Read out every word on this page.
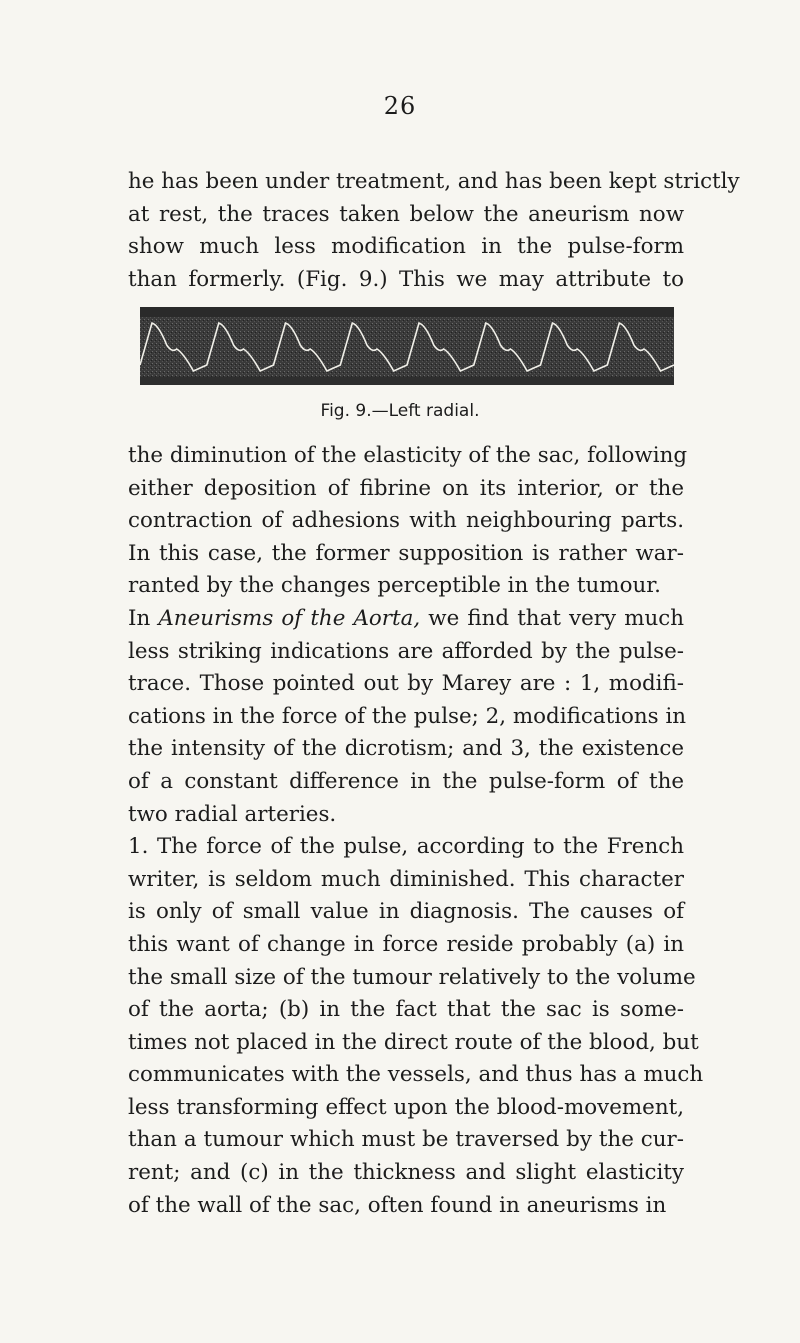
26
he has been under treatment, and has been kept strictly
at rest, the traces taken below the aneurism now
show much less modification in the pulse-form
than formerly. (Fig. 9.) This we may attribute to
Fig. 9.—Left radial.
the diminution of the elasticity of the sac, following
either deposition of fibrine on its interior, or the
contraction of adhesions with neighbouring parts.
In this case, the former supposition is rather war-
ranted by the changes perceptible in the tumour.
In Aneurisms of the Aorta, we find that very much
less striking indications are afforded by the pulse-
trace. Those pointed out by Marey are : 1, modifi-
cations in the force of the pulse; 2, modifications in
the intensity of the dicrotism; and 3, the existence
of a constant difference in the pulse-form of the
two radial arteries.
1. The force of the pulse, according to the French
writer, is seldom much diminished. This character
is only of small value in diagnosis. The causes of
this want of change in force reside probably (a) in
the small size of the tumour relatively to the volume
of the aorta; (b) in the fact that the sac is some-
times not placed in the direct route of the blood, but
communicates with the vessels, and thus has a much
less transforming effect upon the blood-movement,
than a tumour which must be traversed by the cur-
rent; and (c) in the thickness and slight elasticity
of the wall of the sac, often found in aneurisms in
